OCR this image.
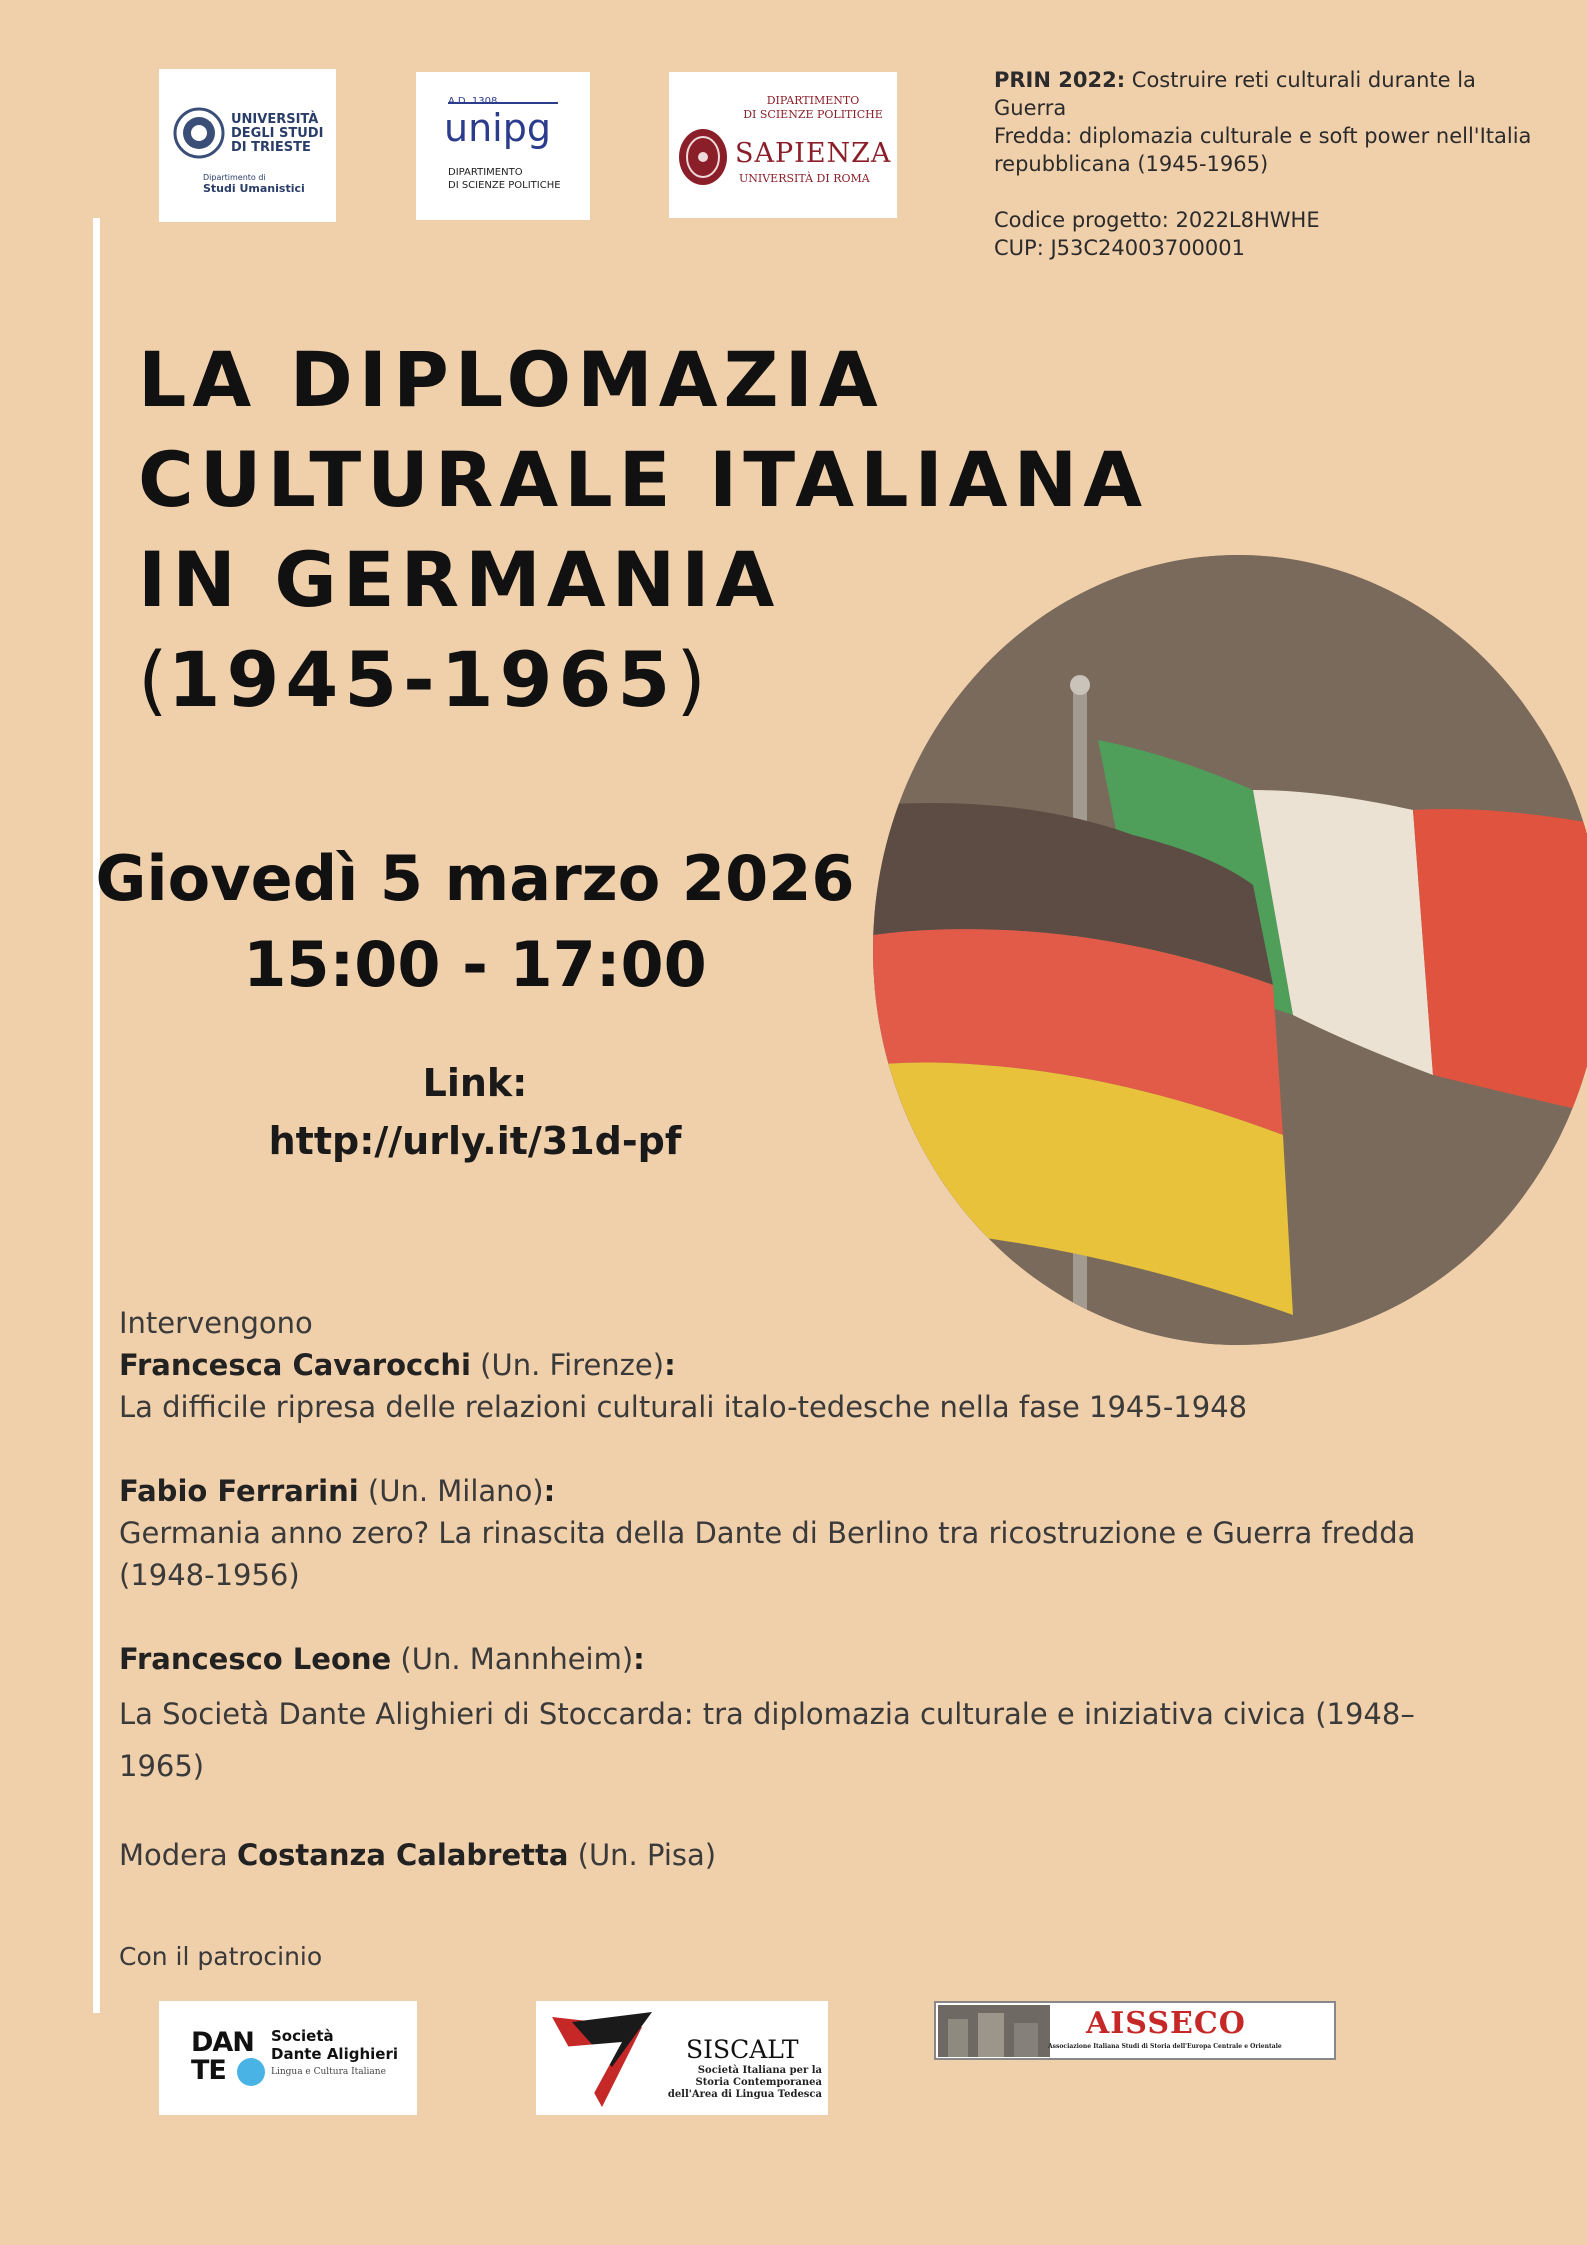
UNIVERSITÀ
DEGLI STUDI
DI TRIESTE
Dipartimento di
Studi Umanistici
unipg
DIPARTIMENTO
DI SCIENZE POLITICHE
DIPARTIMENTO
DI SCIENZE POLITICHE
SAPIENZA
UNIVERSITÀ DI ROMA
PRIN 2022: Costruire reti culturali durante la Guerra
Fredda: diplomazia culturale e soft power nell'Italia
repubblicana (1945-1965)
Codice progetto: 2022L8HWHE
CUP: J53C24003700001
LA DIPLOMAZIA
CULTURALE ITALIANA
IN GERMANIA
(1945-1965)
Giovedì 5 marzo 2026
15:00 - 17:00
Link:
http://urly.it/31d-pf
Intervengono
Francesca Cavarocchi (Un. Firenze):
La difficile ripresa delle relazioni culturali italo-tedesche nella fase 1945-1948
Fabio Ferrarini (Un. Milano):
Germania anno zero? La rinascita della Dante di Berlino tra ricostruzione e Guerra fredda
(1948-1956)
Francesco Leone (Un. Mannheim):
La Società Dante Alighieri di Stoccarda: tra diplomazia culturale e iniziativa civica (1948–
1965)
Modera Costanza Calabretta (Un. Pisa)
Con il patrocinio
DAN
TE
Società
Dante Alighieri
Lingua e Cultura Italiane
SISCALT
Società Italiana per la
Storia Contemporanea
dell'Area di Lingua Tedesca
AISSECO
Associazione Italiana Studi di Storia dell'Europa Centrale e Orientale
